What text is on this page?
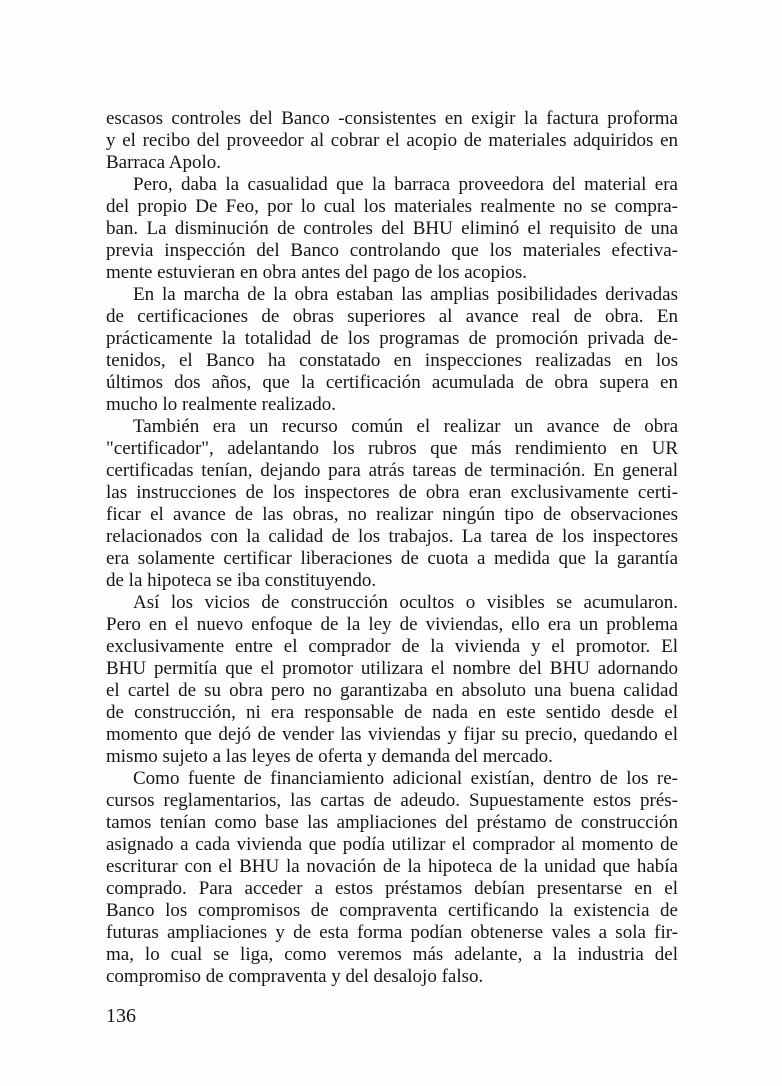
escasos controles del Banco -consistentes en exigir la factura proforma
y el recibo del proveedor al cobrar el acopio de materiales adquiridos en
Barraca Apolo.
Pero, daba la casualidad que la barraca proveedora del material era
del propio De Feo, por lo cual los materiales realmente no se compra-
ban. La disminución de controles del BHU eliminó el requisito de una
previa inspección del Banco controlando que los materiales efectiva-
mente estuvieran en obra antes del pago de los acopios.
En la marcha de la obra estaban las amplias posibilidades derivadas
de certificaciones de obras superiores al avance real de obra. En
prácticamente la totalidad de los programas de promoción privada de-
tenidos, el Banco ha constatado en inspecciones realizadas en los
últimos dos años, que la certificación acumulada de obra supera en
mucho lo realmente realizado.
También era un recurso común el realizar un avance de obra
"certificador", adelantando los rubros que más rendimiento en UR
certificadas tenían, dejando para atrás tareas de terminación. En general
las instrucciones de los inspectores de obra eran exclusivamente certi-
ficar el avance de las obras, no realizar ningún tipo de observaciones
relacionados con la calidad de los trabajos. La tarea de los inspectores
era solamente certificar liberaciones de cuota a medida que la garantía
de la hipoteca se iba constituyendo.
Así los vicios de construcción ocultos o visibles se acumularon.
Pero en el nuevo enfoque de la ley de viviendas, ello era un problema
exclusivamente entre el comprador de la vivienda y el promotor. El
BHU permitía que el promotor utilizara el nombre del BHU adornando
el cartel de su obra pero no garantizaba en absoluto una buena calidad
de construcción, ni era responsable de nada en este sentido desde el
momento que dejó de vender las viviendas y fijar su precio, quedando el
mismo sujeto a las leyes de oferta y demanda del mercado.
Como fuente de financiamiento adicional existían, dentro de los re-
cursos reglamentarios, las cartas de adeudo. Supuestamente estos prés-
tamos tenían como base las ampliaciones del préstamo de construcción
asignado a cada vivienda que podía utilizar el comprador al momento de
escriturar con el BHU la novación de la hipoteca de la unidad que había
comprado. Para acceder a estos préstamos debían presentarse en el
Banco los compromisos de compraventa certificando la existencia de
futuras ampliaciones y de esta forma podían obtenerse vales a sola fir-
ma, lo cual se liga, como veremos más adelante, a la industria del
compromiso de compraventa y del desalojo falso.
136
